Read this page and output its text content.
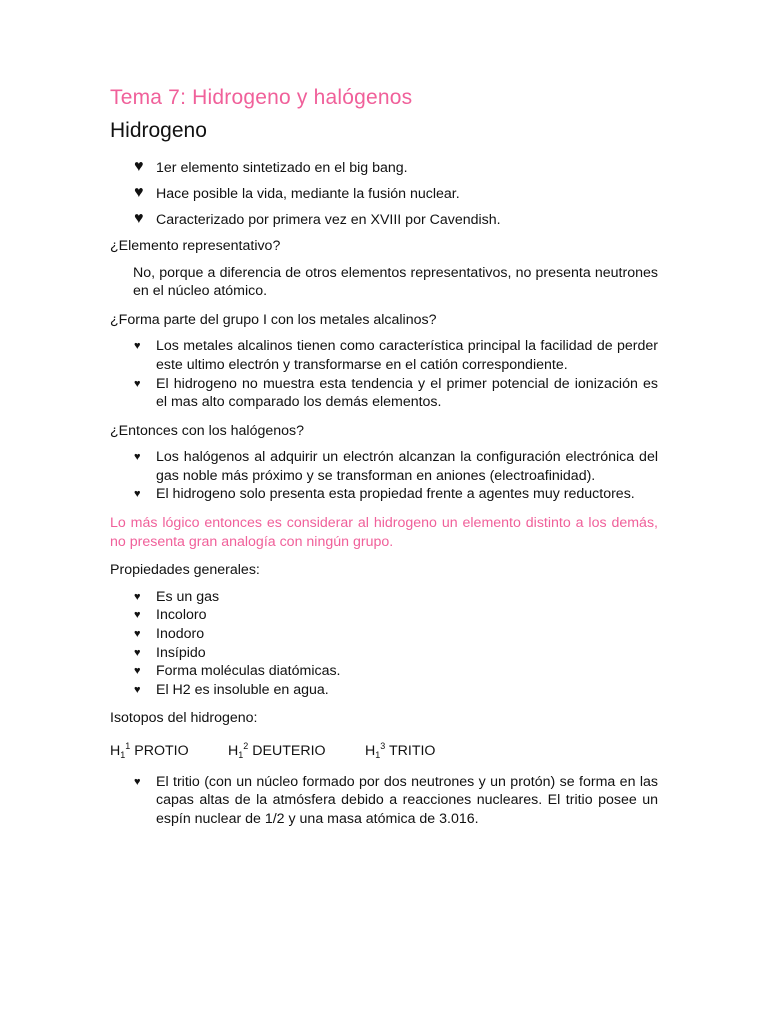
Tema 7: Hidrogeno y halógenos
Hidrogeno
♥ 1er elemento sintetizado en el big bang.
♥ Hace posible la vida, mediante la fusión nuclear.
♥ Caracterizado por primera vez en XVIII por Cavendish.
¿Elemento representativo?
No, porque a diferencia de otros elementos representativos, no presenta neutrones en el núcleo atómico.
¿Forma parte del grupo I con los metales alcalinos?
♥ Los metales alcalinos tienen como característica principal la facilidad de perder este ultimo electrón y transformarse en el catión correspondiente.
♥ El hidrogeno no muestra esta tendencia y el primer potencial de ionización es el mas alto comparado los demás elementos.
¿Entonces con los halógenos?
♥ Los halógenos al adquirir un electrón alcanzan la configuración electrónica del gas noble más próximo y se transforman en aniones (electroafinidad).
♥ El hidrogeno solo presenta esta propiedad frente a agentes muy reductores.
Lo más lógico entonces es considerar al hidrogeno un elemento distinto a los demás, no presenta gran analogía con ningún grupo.
Propiedades generales:
♥ Es un gas
♥ Incoloro
♥ Inodoro
♥ Insípido
♥ Forma moléculas diatómicas.
♥ El H2 es insoluble en agua.
Isotopos del hidrogeno:
$H_1^1$ PROTIO	$H_1^2$ DEUTERIO	$H_1^3$ TRITIO
♥ El tritio (con un núcleo formado por dos neutrones y un protón) se forma en las capas altas de la atmósfera debido a reacciones nucleares. El tritio posee un espín nuclear de 1/2 y una masa atómica de 3.016.
